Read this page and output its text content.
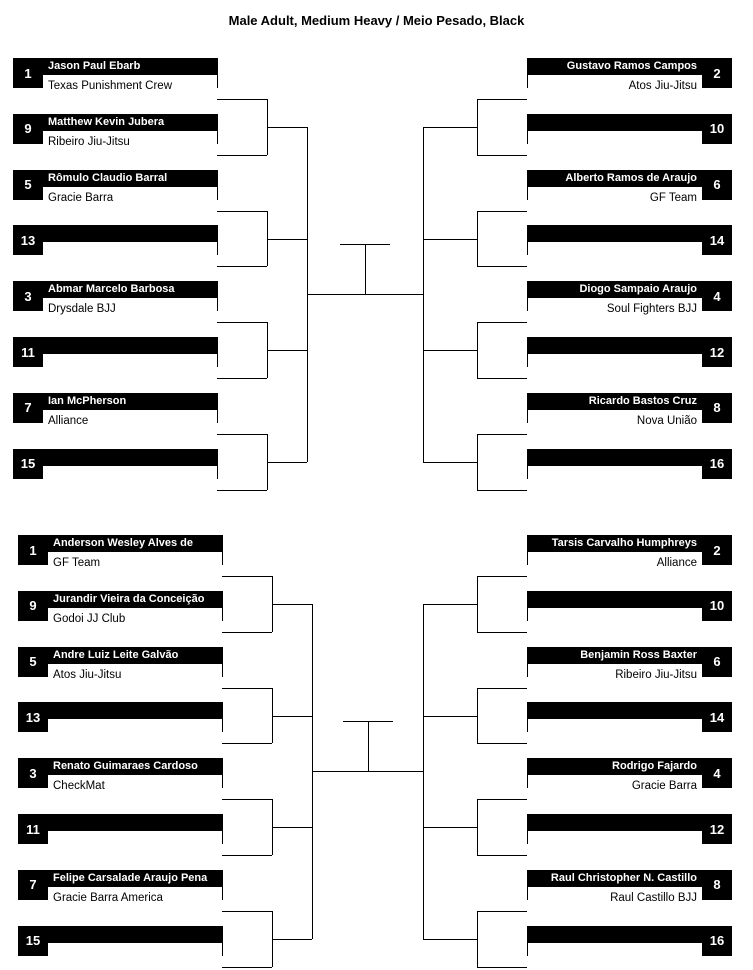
Male Adult, Medium Heavy / Meio Pesado, Black
1	Jason Paul Ebarb
Texas Punishment Crew
9	Matthew Kevin Jubera
Ribeiro Jiu-Jitsu
5	Rômulo Claudio Barral
Gracie Barra
13
3	Abmar Marcelo Barbosa
Drysdale BJJ
11
7	Ian McPherson
Alliance
15
2
Gustavo Ramos Campos
Atos Jiu-Jitsu
10
6
Alberto Ramos de Araujo
GF Team
14
4
Diogo Sampaio Araujo
Soul Fighters BJJ
12
8
Ricardo Bastos Cruz
Nova União
16
1	Anderson Wesley Alves de
GF Team
9	Jurandir Vieira da Conceição
Godoi JJ Club
5	Andre Luiz Leite Galvão
Atos Jiu-Jitsu
13
3	Renato Guimaraes Cardoso
CheckMat
11
7	Felipe Carsalade Araujo Pena
Gracie Barra America
15
2
Tarsis Carvalho Humphreys
Alliance
10
6
Benjamin Ross Baxter
Ribeiro Jiu-Jitsu
14
4
Rodrigo Fajardo
Gracie Barra
12
8
Raul Christopher N. Castillo
Raul Castillo BJJ
16
